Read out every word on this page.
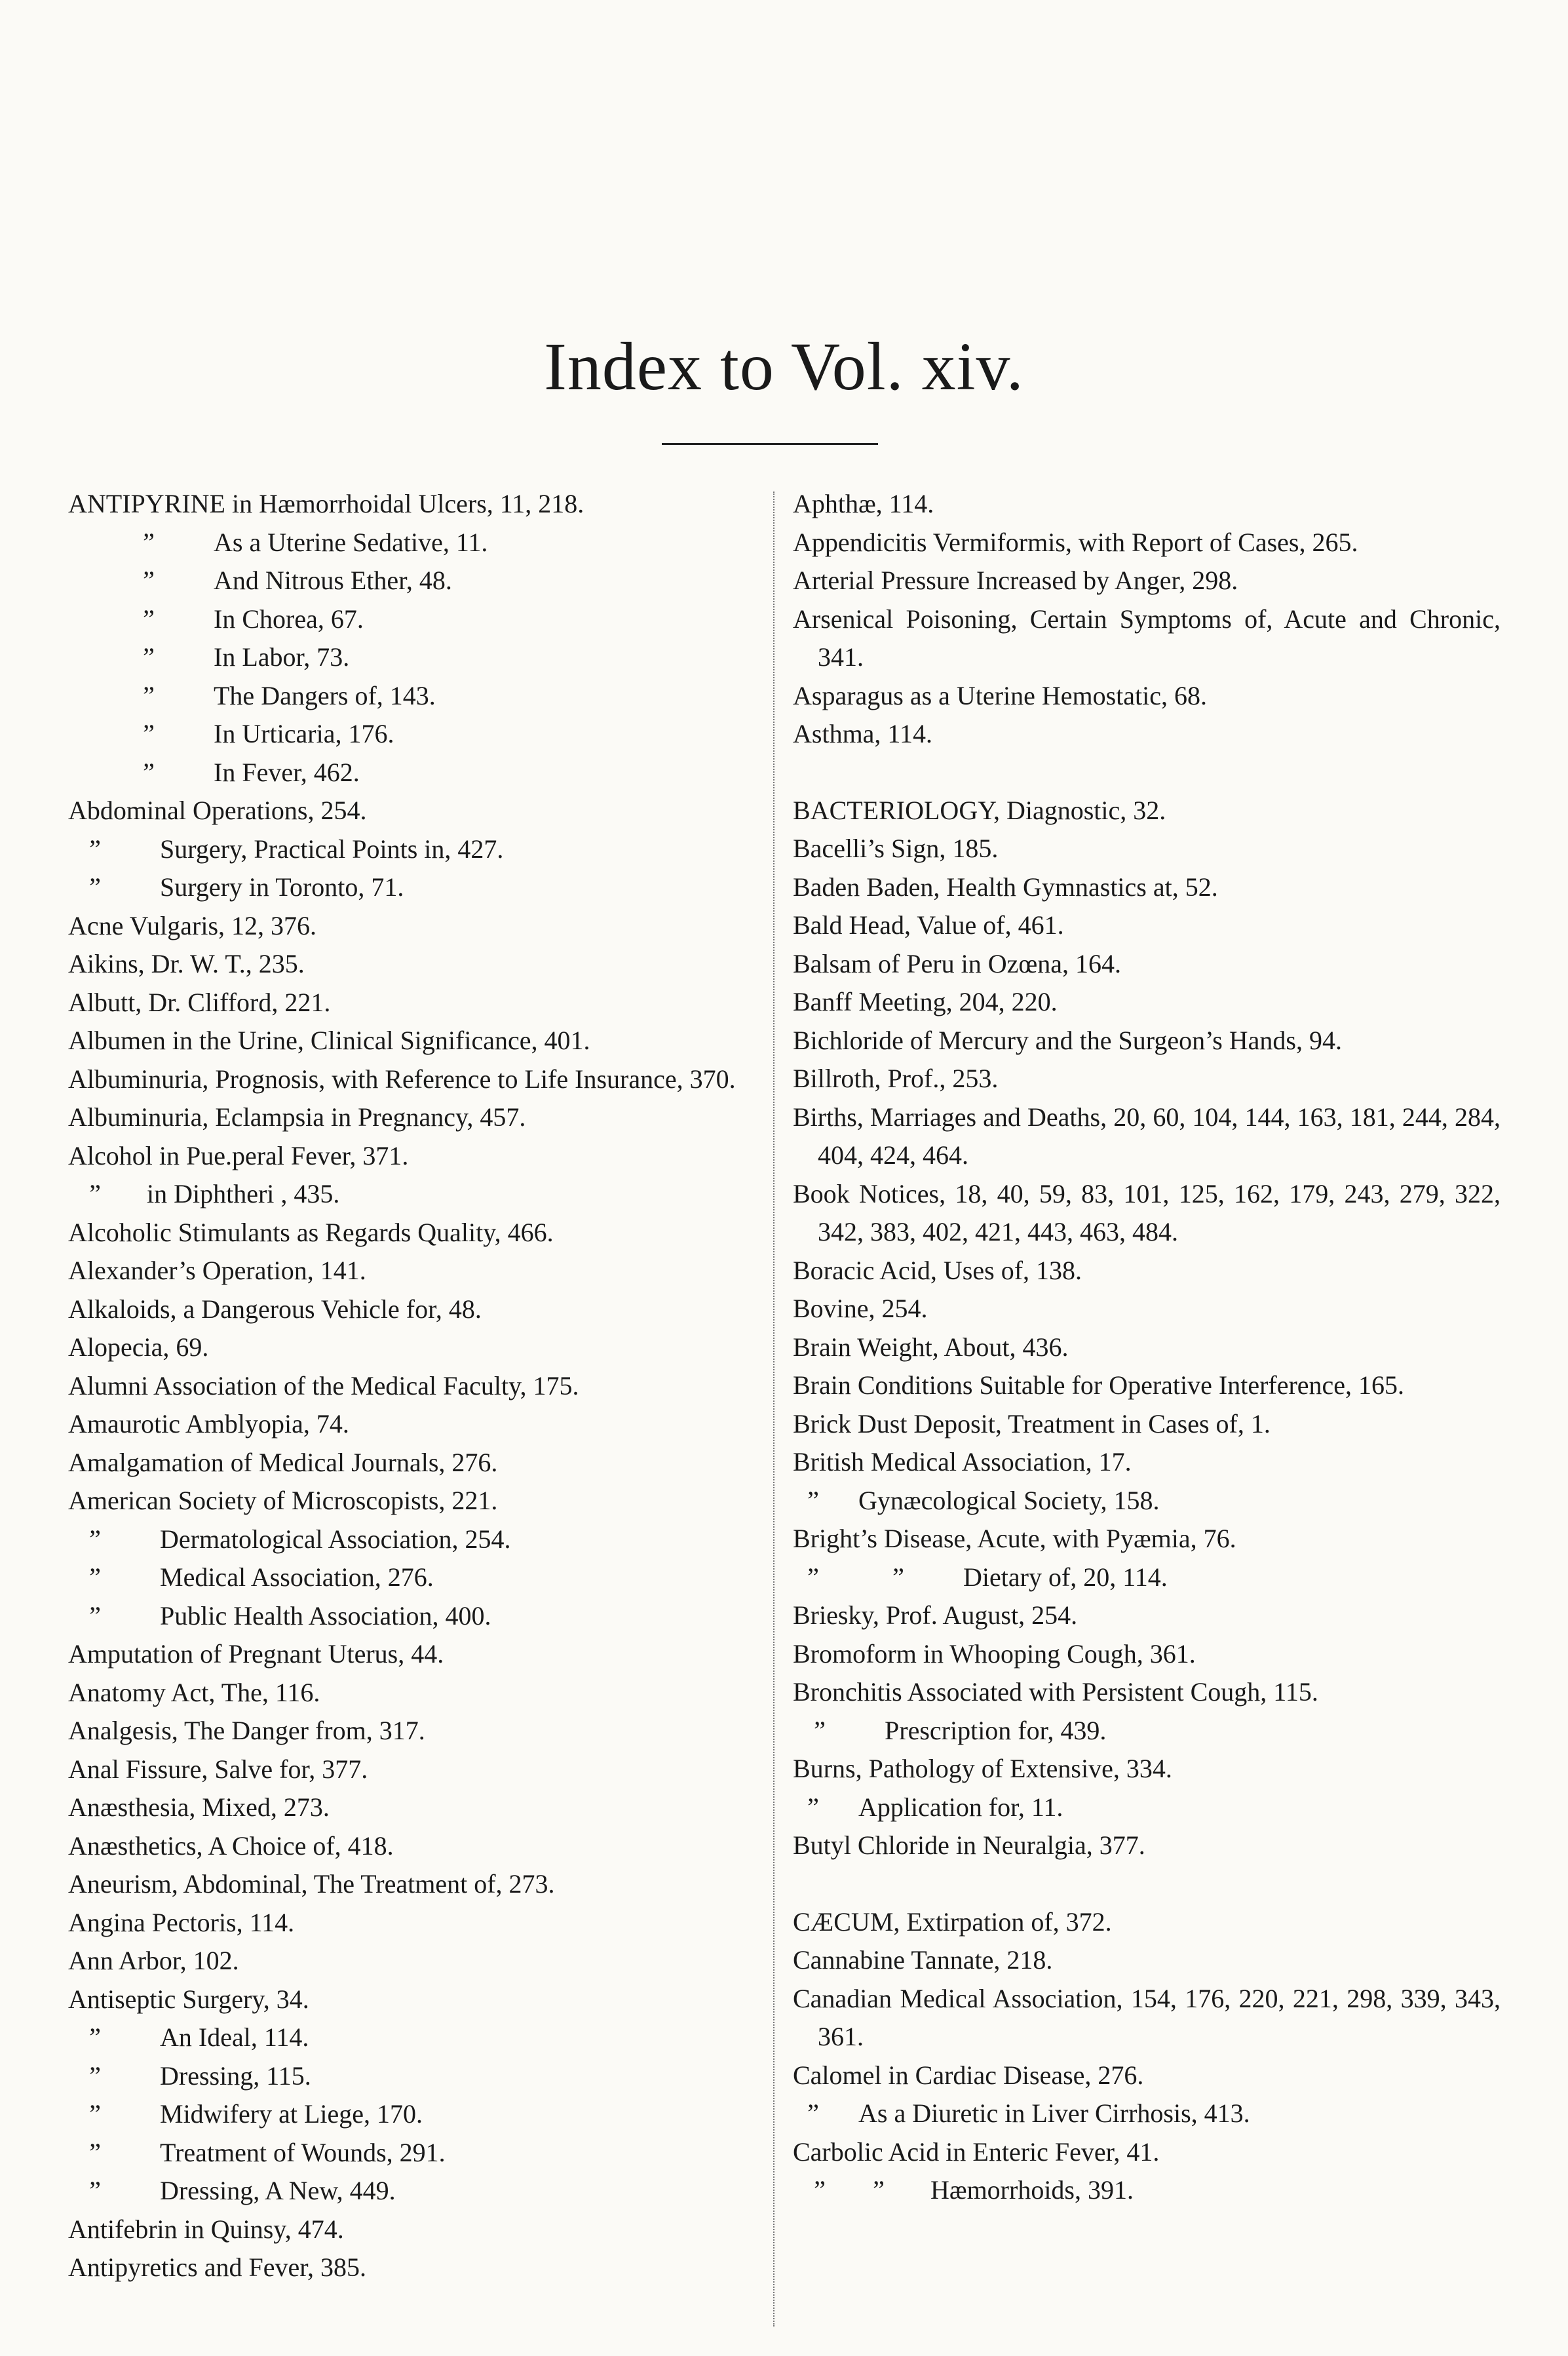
Index to Vol. xiv.
ANTIPYRINE in Hæmorrhoidal Ulcers, 11, 218.
” As a Uterine Sedative, 11.
” And Nitrous Ether, 48.
” In Chorea, 67.
” In Labor, 73.
” The Dangers of, 143.
” In Urticaria, 176.
” In Fever, 462.
Abdominal Operations, 254.
” Surgery, Practical Points in, 427.
” Surgery in Toronto, 71.
Acne Vulgaris, 12, 376.
Aikins, Dr. W. T., 235.
Albutt, Dr. Clifford, 221.
Albumen in the Urine, Clinical Significance, 401.
Albuminuria, Prognosis, with Reference to Life Insurance, 370.
Albuminuria, Eclampsia in Pregnancy, 457.
Alcohol in Pue.peral Fever, 371.
” in Diphtheri , 435.
Alcoholic Stimulants as Regards Quality, 466.
Alexander’s Operation, 141.
Alkaloids, a Dangerous Vehicle for, 48.
Alopecia, 69.
Alumni Association of the Medical Faculty, 175.
Amaurotic Amblyopia, 74.
Amalgamation of Medical Journals, 276.
American Society of Microscopists, 221.
” Dermatological Association, 254.
” Medical Association, 276.
” Public Health Association, 400.
Amputation of Pregnant Uterus, 44.
Anatomy Act, The, 116.
Analgesis, The Danger from, 317.
Anal Fissure, Salve for, 377.
Anæsthesia, Mixed, 273.
Anæsthetics, A Choice of, 418.
Aneurism, Abdominal, The Treatment of, 273.
Angina Pectoris, 114.
Ann Arbor, 102.
Antiseptic Surgery, 34.
” An Ideal, 114.
” Dressing, 115.
” Midwifery at Liege, 170.
” Treatment of Wounds, 291.
” Dressing, A New, 449.
Antifebrin in Quinsy, 474.
Antipyretics and Fever, 385.
Aphthæ, 114.
Appendicitis Vermiformis, with Report of Cases, 265.
Arterial Pressure Increased by Anger, 298.
Arsenical Poisoning, Certain Symptoms of, Acute and Chronic, 341.
Asparagus as a Uterine Hemostatic, 68.
Asthma, 114.
BACTERIOLOGY, Diagnostic, 32.
Bacelli’s Sign, 185.
Baden Baden, Health Gymnastics at, 52.
Bald Head, Value of, 461.
Balsam of Peru in Ozœna, 164.
Banff Meeting, 204, 220.
Bichloride of Mercury and the Surgeon’s Hands, 94.
Billroth, Prof., 253.
Births, Marriages and Deaths, 20, 60, 104, 144, 163, 181, 244, 284, 404, 424, 464.
Book Notices, 18, 40, 59, 83, 101, 125, 162, 179, 243, 279, 322, 342, 383, 402, 421, 443, 463, 484.
Boracic Acid, Uses of, 138.
Bovine, 254.
Brain Weight, About, 436.
Brain Conditions Suitable for Operative Interference, 165.
Brick Dust Deposit, Treatment in Cases of, 1.
British Medical Association, 17.
” Gynæcological Society, 158.
Bright’s Disease, Acute, with Pyæmia, 76.
”	” Dietary of, 20, 114.
Briesky, Prof. August, 254.
Bromoform in Whooping Cough, 361.
Bronchitis Associated with Persistent Cough, 115.
” Prescription for, 439.
Burns, Pathology of Extensive, 334.
” Application for, 11.
Butyl Chloride in Neuralgia, 377.
CÆCUM, Extirpation of, 372.
Cannabine Tannate, 218.
Canadian Medical Association, 154, 176, 220, 221, 298, 339, 343, 361.
Calomel in Cardiac Disease, 276.
” As a Diuretic in Liver Cirrhosis, 413.
Carbolic Acid in Enteric Fever, 41.
” ” Hæmorrhoids, 391.
